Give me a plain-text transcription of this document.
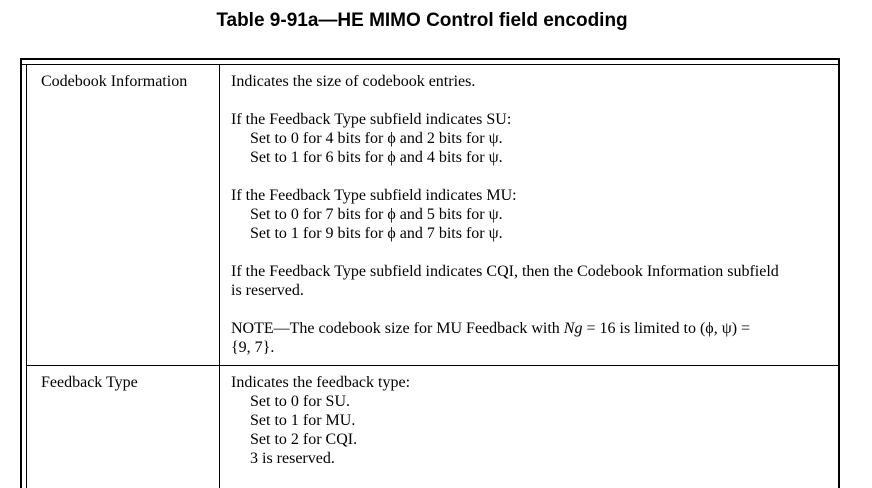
Table 9-91a—HE MIMO Control field encoding
Codebook Information	Indicates the size of codebook entries.
If the Feedback Type subfield indicates SU:
Set to 0 for 4 bits for ϕ and 2 bits for ψ.
Set to 1 for 6 bits for ϕ and 4 bits for ψ.
If the Feedback Type subfield indicates MU:
Set to 0 for 7 bits for ϕ and 5 bits for ψ.
Set to 1 for 9 bits for ϕ and 7 bits for ψ.
If the Feedback Type subfield indicates CQI, then the Codebook Information subfield
is reserved.
NOTE—The codebook size for MU Feedback with Ng = 16 is limited to (ϕ, ψ) =
{9, 7}.
Feedback Type	Indicates the feedback type:
Set to 0 for SU.
Set to 1 for MU.
Set to 2 for CQI.
3 is reserved.
